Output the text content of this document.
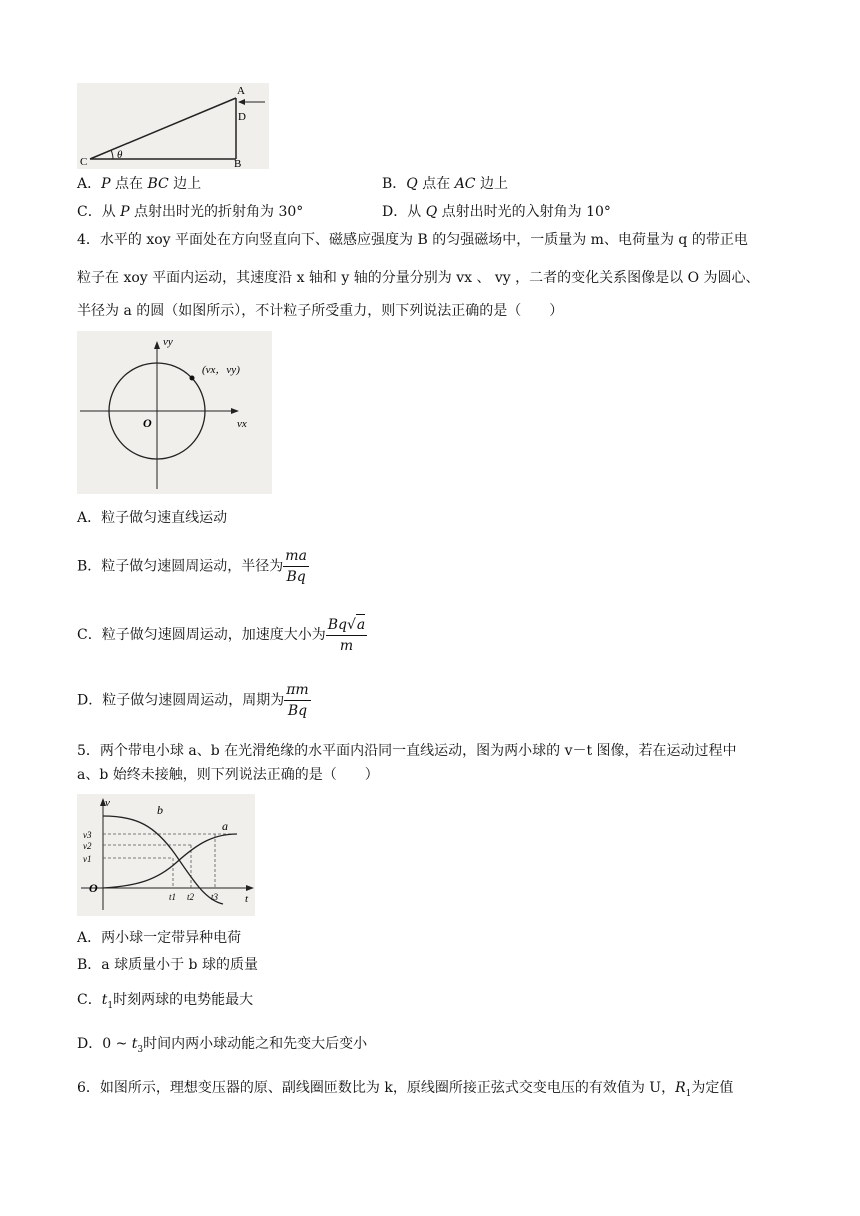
A
D
B
C
θ
A．P 点在 BC 边上	B．Q 点在 AC 边上
C．从 P 点射出时光的折射角为 30°	D．从 Q 点射出时光的入射角为 10°
4．水平的 xoy 平面处在方向竖直向下、磁感应强度为 B 的匀强磁场中，一质量为 m、电荷量为 q 的带正电
粒子在 xoy 平面内运动，其速度沿 x 轴和 y 轴的分量分别为 vx 、 vy ，二者的变化关系图像是以 O 为圆心、
半径为 a 的圆（如图所示），不计粒子所受重力，则下列说法正确的是（　　）
vy
vx
O
(vx，vy)
A．粒子做匀速直线运动
B．粒子做匀速圆周运动，半径为 $\frac{ma}{Bq}$
C．粒子做匀速圆周运动，加速度大小为 $\frac{Bq√a}{m}$
D．粒子做匀速圆周运动，周期为 $\frac{\pi m}{Bq}$
5．两个带电小球 a、b 在光滑绝缘的水平面内沿同一直线运动，图为两小球的 v－t 图像，若在运动过程中
a、b 始终未接触，则下列说法正确的是（　　）
v
t
O
b
a
v3
v2
v1
t1 t2 t3
A．两小球一定带异种电荷
B．a 球质量小于 b 球的质量
C．$t_1$时刻两球的电势能最大
D．0 ~ $t_3$时间内两小球动能之和先变大后变小
6．如图所示，理想变压器的原、副线圈匝数比为 k，原线圈所接正弦式交变电压的有效值为 U，$R_1$为定值
